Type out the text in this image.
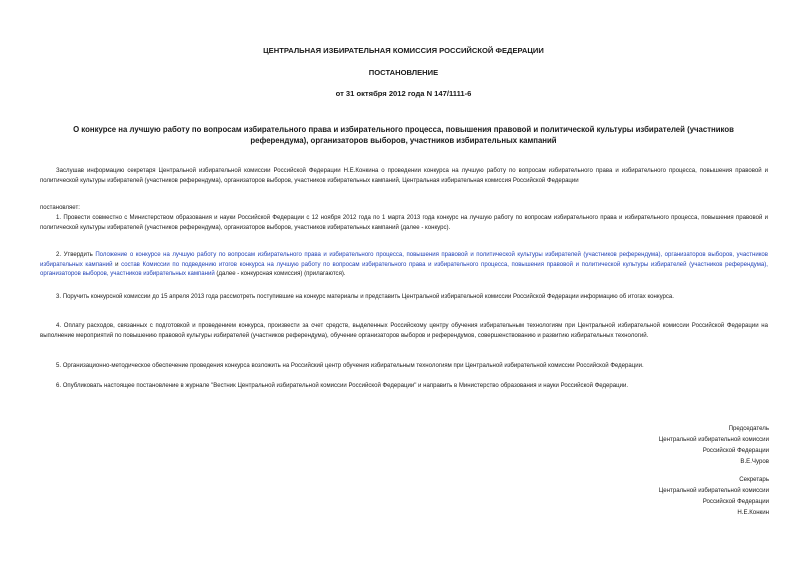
ЦЕНТРАЛЬНАЯ ИЗБИРАТЕЛЬНАЯ КОМИССИЯ РОССИЙСКОЙ ФЕДЕРАЦИИ
ПОСТАНОВЛЕНИЕ
от 31 октября 2012 года N 147/1111-6
О конкурсе на лучшую работу по вопросам избирательного права и избирательного процесса, повышения правовой и политической культуры избирателей (участников референдума), организаторов выборов, участников избирательных кампаний
Заслушав информацию секретаря Центральной избирательной комиссии Российской Федерации Н.Е.Конкина о проведении конкурса на лучшую работу по вопросам избирательного права и избирательного процесса, повышения правовой и политической культуры избирателей (участников референдума), организаторов выборов, участников избирательных кампаний, Центральная избирательная комиссия Российской Федерации
постановляет:
1. Провести совместно с Министерством образования и науки Российской Федерации с 12 ноября 2012 года по 1 марта 2013 года конкурс на лучшую работу по вопросам избирательного права и избирательного процесса, повышения правовой и политической культуры избирателей (участников референдума), организаторов выборов, участников избирательных кампаний (далее - конкурс).
2. Утвердить Положение о конкурсе на лучшую работу по вопросам избирательного права и избирательного процесса, повышения правовой и политической культуры избирателей (участников референдума), организаторов выборов, участников избирательных кампаний и состав Комиссии по подведению итогов конкурса на лучшую работу по вопросам избирательного права и избирательного процесса, повышения правовой и политической культуры избирателей (участников референдума), организаторов выборов, участников избирательных кампаний (далее - конкурсная комиссия) (прилагаются).
3. Поручить конкурсной комиссии до 15 апреля 2013 года рассмотреть поступившие на конкурс материалы и представить Центральной избирательной комиссии Российской Федерации информацию об итогах конкурса.
4. Оплату расходов, связанных с подготовкой и проведением конкурса, произвести за счет средств, выделенных Российскому центру обучения избирательным технологиям при Центральной избирательной комиссии Российской Федерации на выполнение мероприятий по повышению правовой культуры избирателей (участников референдума), обучение организаторов выборов и референдумов, совершенствованию и развитию избирательных технологий.
5. Организационно-методическое обеспечение проведения конкурса возложить на Российский центр обучения избирательным технологиям при Центральной избирательной комиссии Российской Федерации.
6. Опубликовать настоящее постановление в журнале "Вестник Центральной избирательной комиссии Российской Федерации" и направить в Министерство образования и науки Российской Федерации.
Председатель
Центральной избирательной комиссии
Российской Федерации
В.Е.Чуров
Секретарь
Центральной избирательной комиссии
Российской Федерации
Н.Е.Конкин
